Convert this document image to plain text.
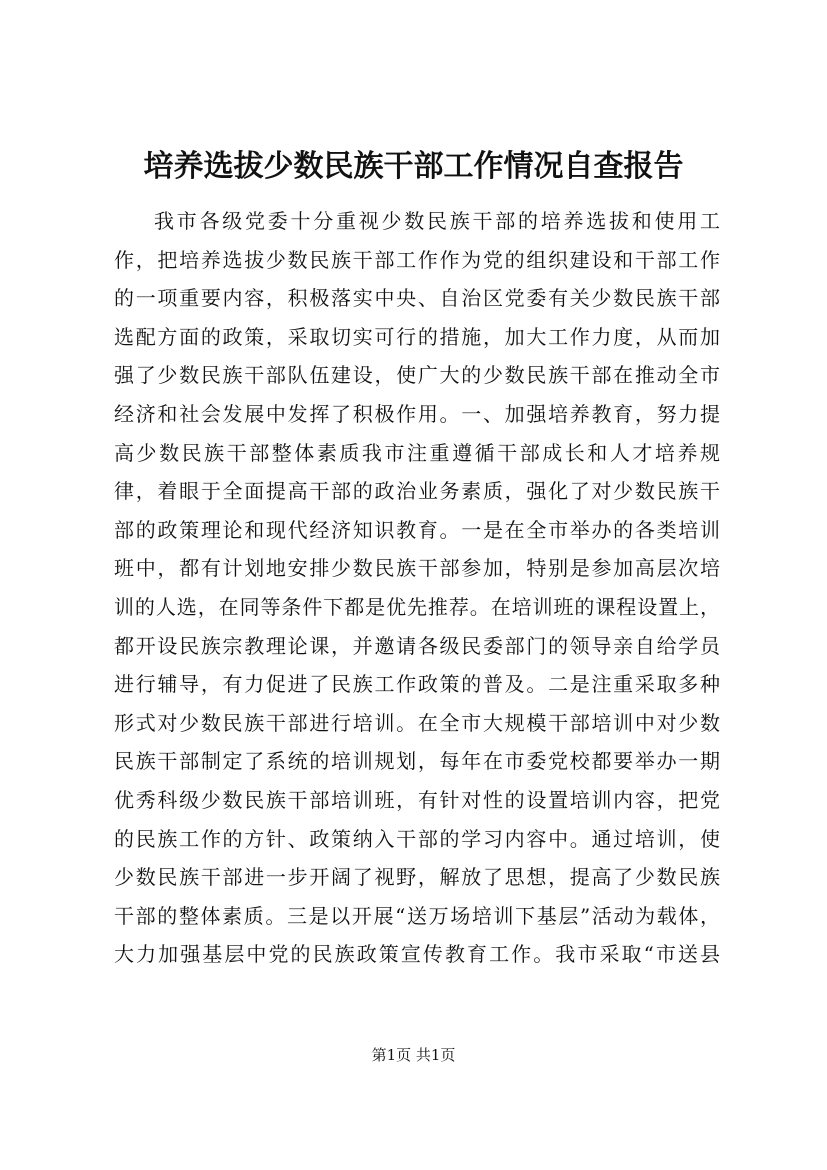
培养选拔少数民族干部工作情况自查报告
我市各级党委十分重视少数民族干部的培养选拔和使用工
作，把培养选拔少数民族干部工作作为党的组织建设和干部工作
的一项重要内容，积极落实中央、自治区党委有关少数民族干部
选配方面的政策，采取切实可行的措施，加大工作力度，从而加
强了少数民族干部队伍建设，使广大的少数民族干部在推动全市
经济和社会发展中发挥了积极作用。一、加强培养教育，努力提
高少数民族干部整体素质我市注重遵循干部成长和人才培养规
律，着眼于全面提高干部的政治业务素质，强化了对少数民族干
部的政策理论和现代经济知识教育。一是在全市举办的各类培训
班中，都有计划地安排少数民族干部参加，特别是参加高层次培
训的人选，在同等条件下都是优先推荐。在培训班的课程设置上，
都开设民族宗教理论课，并邀请各级民委部门的领导亲自给学员
进行辅导，有力促进了民族工作政策的普及。二是注重采取多种
形式对少数民族干部进行培训。在全市大规模干部培训中对少数
民族干部制定了系统的培训规划，每年在市委党校都要举办一期
优秀科级少数民族干部培训班，有针对性的设置培训内容，把党
的民族工作的方针、政策纳入干部的学习内容中。通过培训，使
少数民族干部进一步开阔了视野，解放了思想，提高了少数民族
干部的整体素质。三是以开展“送万场培训下基层”活动为载体，
大力加强基层中党的民族政策宣传教育工作。我市采取“市送县
第1页 共1页
